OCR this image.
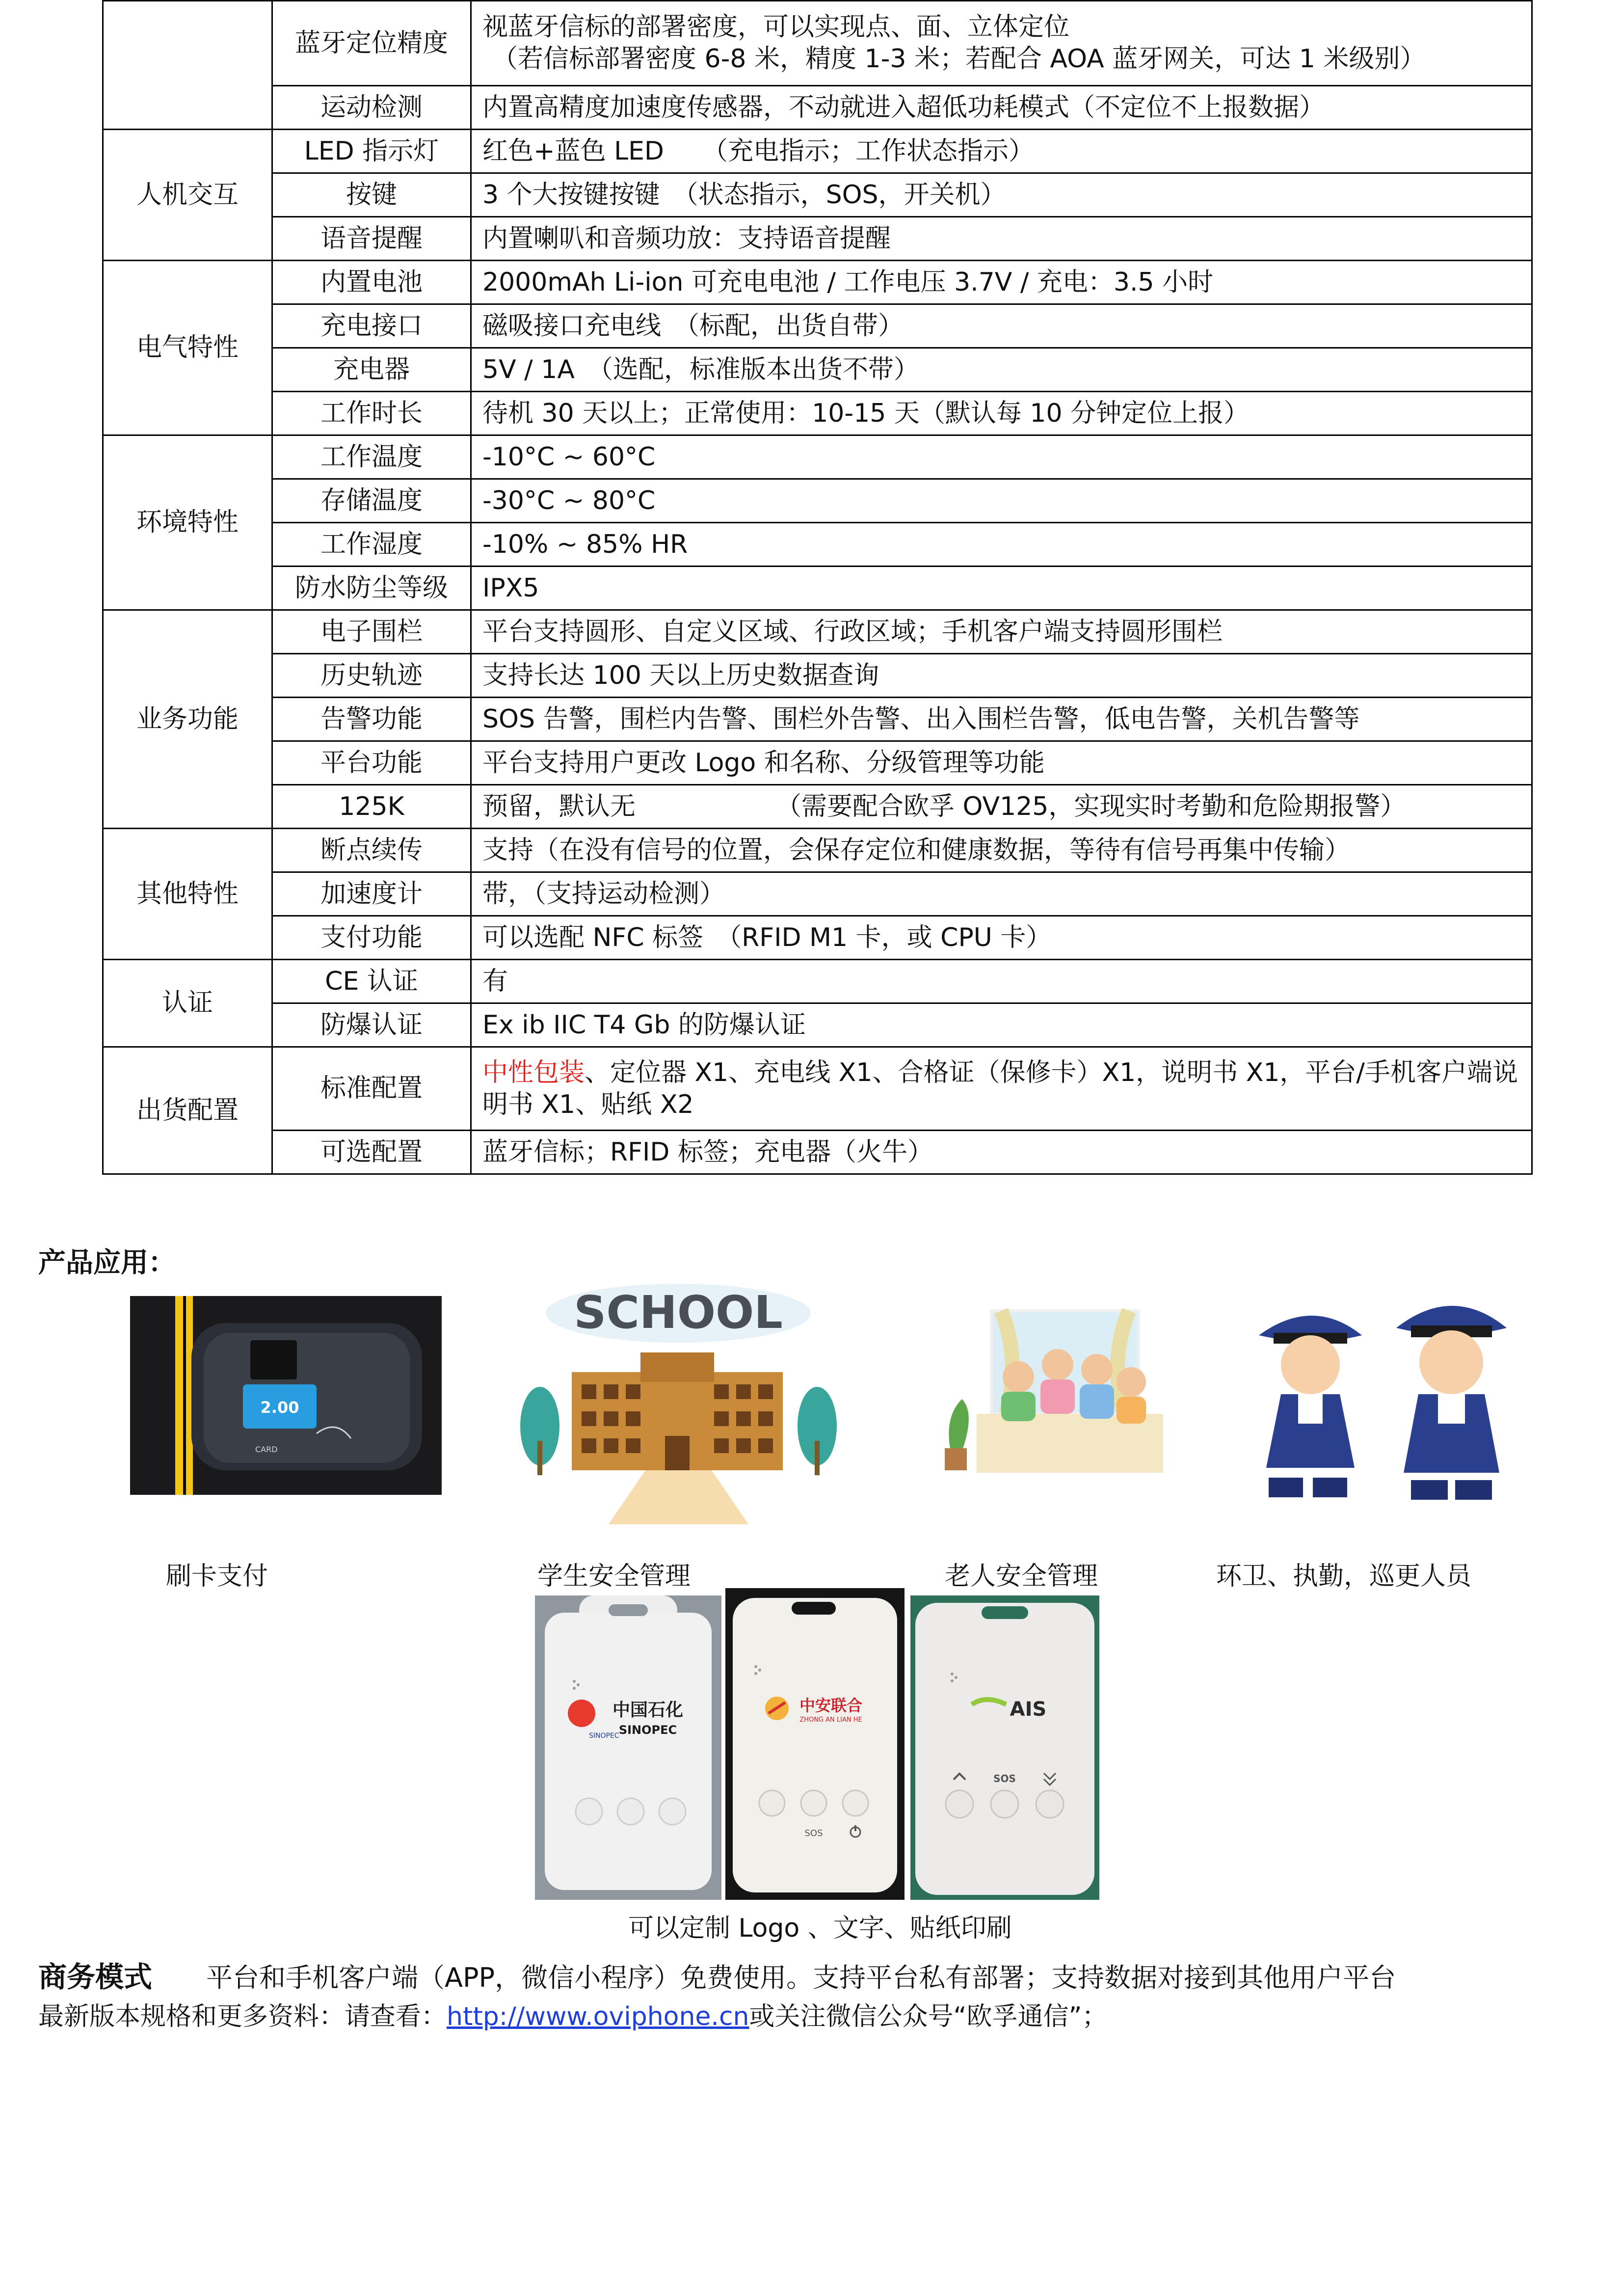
	蓝牙定位精度	视蓝牙信标的部署密度，可以实现点、面、立体定位
（若信标部署密度 6-8 米，精度 1-3 米；若配合 AOA 蓝牙网关，可达 1 米级别）

	运动检测	内置高精度加速度传感器，不动就进入超低功耗模式（不定位不上报数据）
人机交互	LED 指示灯	红色+蓝色 LED　　（充电指示；工作状态指示）
	按键	3 个大按键按键　（状态指示，SOS，开关机）
	语音提醒	内置喇叭和音频功放：支持语音提醒
电气特性	内置电池	2000mAh Li-ion 可充电电池 / 工作电压 3.7V / 充电：3.5 小时
	充电接口	磁吸接口充电线　（标配，出货自带）
	充电器	5V / 1A　（选配，标准版本出货不带）
	工作时长	待机 30 天以上；正常使用：10-15 天（默认每 10 分钟定位上报）
环境特性	工作温度	-10°C ~ 60°C
	存储温度	-30°C ~ 80°C
	工作湿度	-10% ~ 85% HR
	防水防尘等级	IPX5
业务功能	电子围栏	平台支持圆形、自定义区域、行政区域；手机客户端支持圆形围栏
	历史轨迹	支持长达 100 天以上历史数据查询
	告警功能	SOS 告警，围栏内告警、围栏外告警、出入围栏告警，低电告警，关机告警等
	平台功能	平台支持用户更改 Logo 和名称、分级管理等功能
	125K	预留，默认无　　　　　　（需要配合欧孚 OV125，实现实时考勤和危险期报警）
其他特性	断点续传	支持（在没有信号的位置，会保存定位和健康数据，等待有信号再集中传输）
	加速度计	带，（支持运动检测）
	支付功能	可以选配 NFC 标签　（RFID M1 卡，或 CPU 卡）
认证	CE 认证	有
	防爆认证	Ex ib IIC T4 Gb 的防爆认证
出货配置	标准配置	中性包装、定位器 X1、充电线 X1、合格证（保修卡）X1，说明书 X1，平台/手机客户端说明书 X1、贴纸 X2
	可选配置	蓝牙信标；RFID 标签；充电器（火牛）
产品应用：
2.00
CARD
SCHOOL
刷卡支付	学生安全管理	老人安全管理	环卫、执勤，巡更人员
SINOPEC
中国石化
SINOPEC
中安联合
ZHONG AN LIAN HE
SOS
AIS
SOS
可以定制 Logo 、文字、贴纸印刷
商务模式 平台和手机客户端（APP，微信小程序）免费使用。支持平台私有部署；支持数据对接到其他用户平台
最新版本规格和更多资料：请查看：http://www.oviphone.cn或关注微信公众号“欧孚通信”；
